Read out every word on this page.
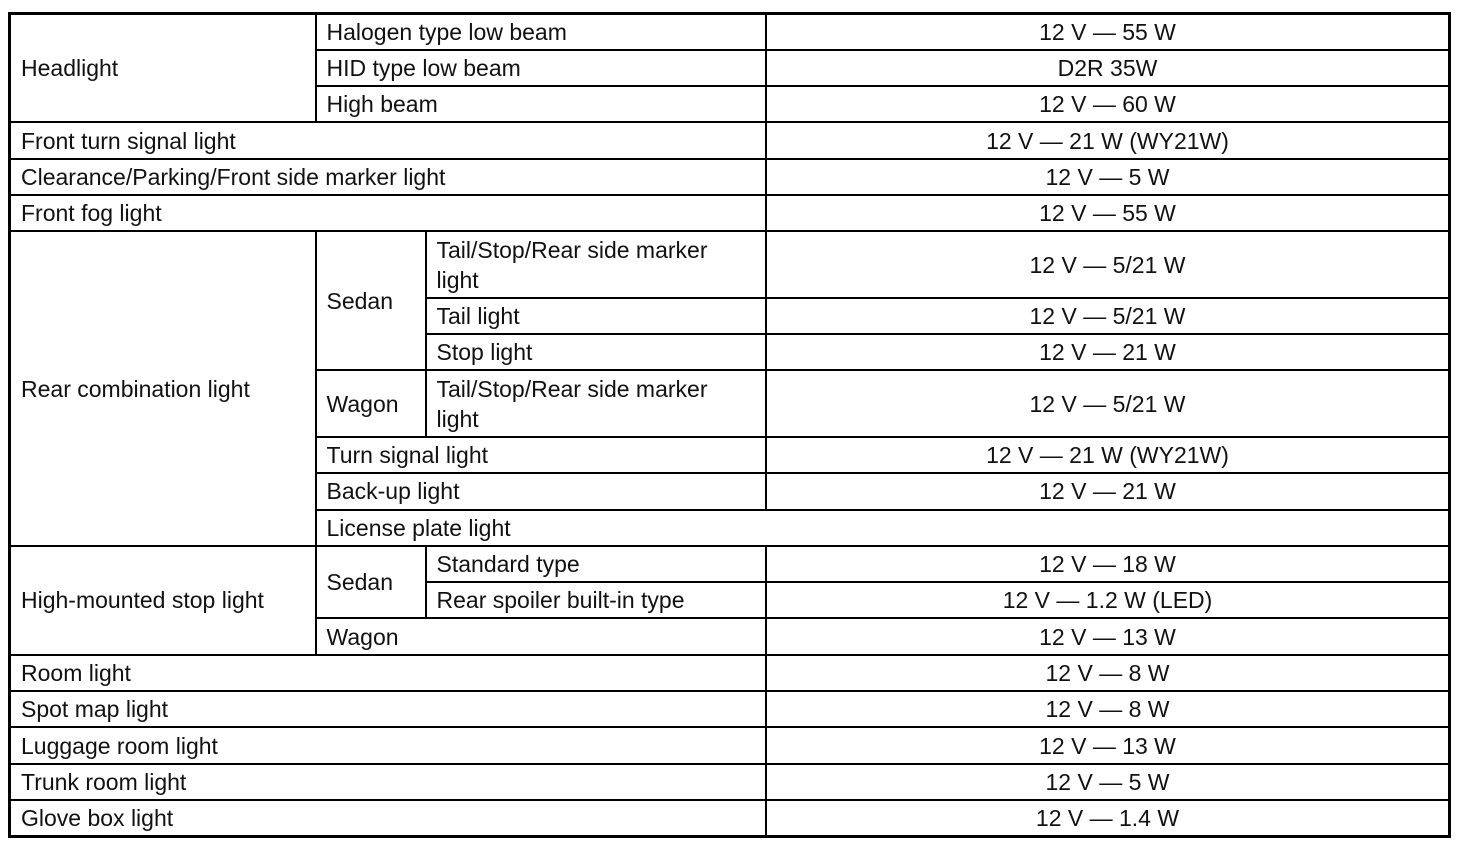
Headlight	Halogen type low beam		12 V — 55 W	
	HID type low beam		D2R 35W	
	High beam		12 V — 60 W	
Front turn signal light			12 V — 21 W (WY21W)	
Clearance/Parking/Front side marker light			12 V — 5 W	
Front fog light			12 V — 55 W	
Rear combination light	Sedan	Tail/Stop/Rear side marker light	12 V — 5/21 W	
		Tail light	12 V — 5/21 W	
		Stop light	12 V — 21 W	
	Wagon	Tail/Stop/Rear side marker light	12 V — 5/21 W	
	Turn signal light		12 V — 21 W (WY21W)	
	Back-up light		12 V — 21 W	
	License plate light	
High-mounted stop light	Sedan	Standard type	12 V — 18 W	
		Rear spoiler built-in type	12 V — 1.2 W (LED)	
	Wagon		12 V — 13 W	
Room light			12 V — 8 W	
Spot map light			12 V — 8 W	
Luggage room light			12 V — 13 W	
Trunk room light			12 V — 5 W	
Glove box light			12 V — 1.4 W	
